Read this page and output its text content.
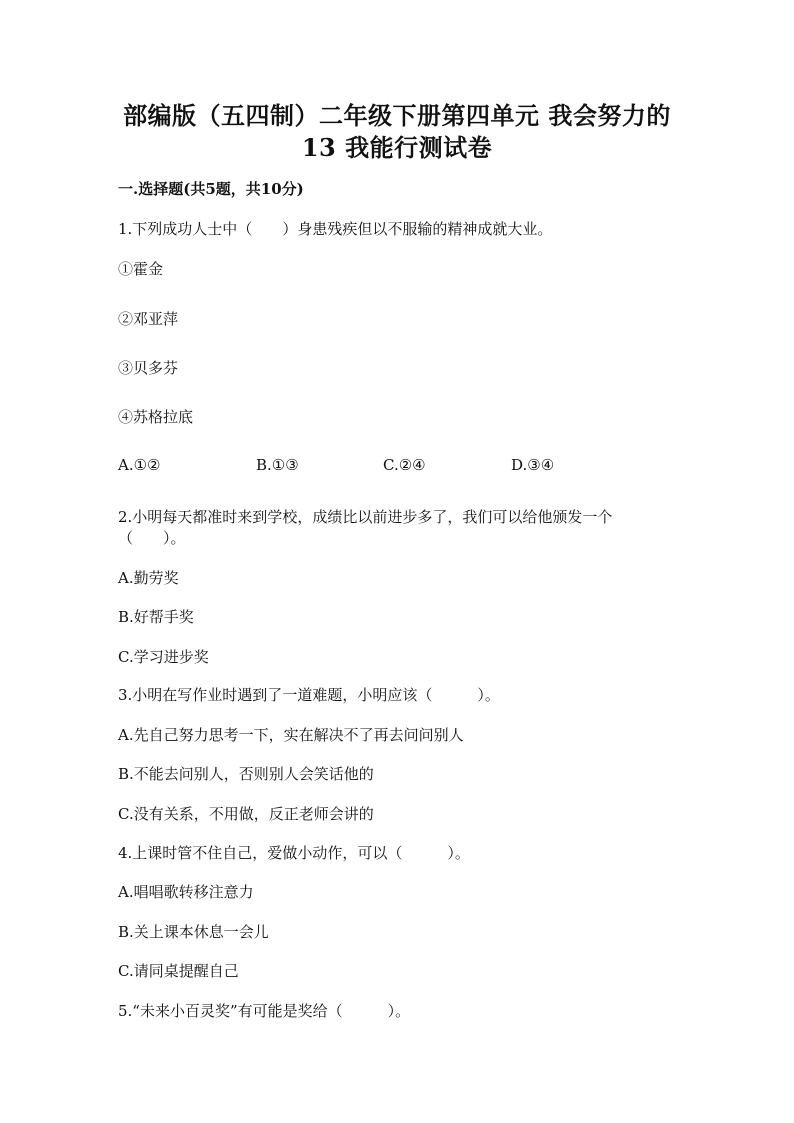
部编版（五四制）二年级下册第四单元 我会努力的
13 我能行测试卷
一.选择题(共5题，共10分)
1.下列成功人士中（　　）身患残疾但以不服输的精神成就大业。
①霍金
②邓亚萍
③贝多芬
④苏格拉底
A.①②	B.①③	C.②④	D.③④
2.小明每天都准时来到学校，成绩比以前进步多了，我们可以给他颁发一个
（　　）。
A.勤劳奖
B.好帮手奖
C.学习进步奖
3.小明在写作业时遇到了一道难题，小明应该（　　　）。
A.先自己努力思考一下，实在解决不了再去问问别人
B.不能去问别人，否则别人会笑话他的
C.没有关系，不用做，反正老师会讲的
4.上课时管不住自己，爱做小动作，可以（　　　）。
A.唱唱歌转移注意力
B.关上课本休息一会儿
C.请同桌提醒自己
5.“未来小百灵奖”有可能是奖给（　　　）。
